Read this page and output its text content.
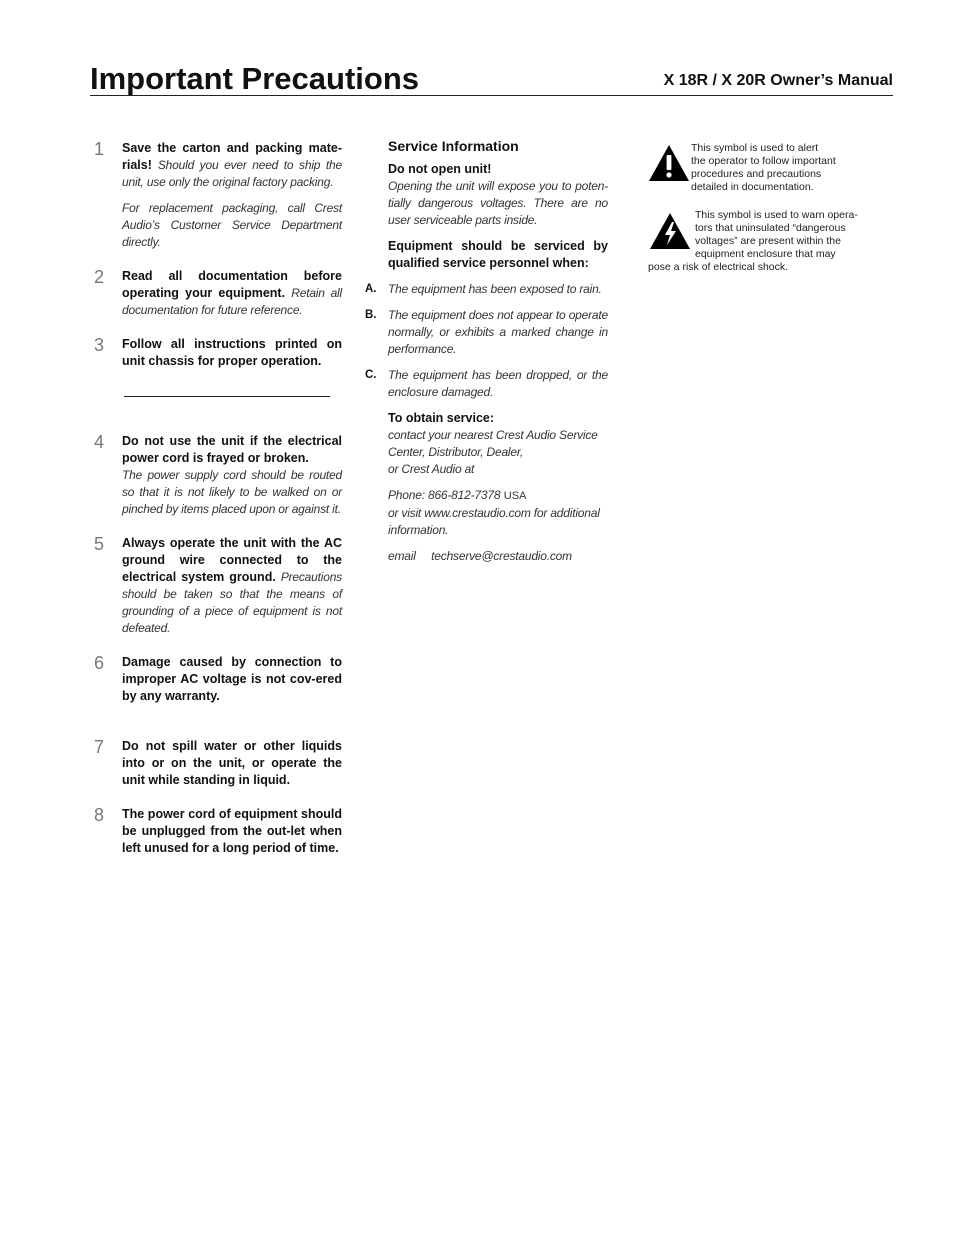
Important Precautions	X 18R / X 20R Owner’s Manual
1 Save the carton and packing mate-rials! Should you ever need to ship the unit, use only the original factory packing.
For replacement packaging, call Crest Audio’s Customer Service Department directly.
2 Read all documentation before operating your equipment. Retain all documentation for future reference.
3 Follow all instructions printed on unit chassis for proper operation.
4 Do not use the unit if the electrical power cord is frayed or broken.
The power supply cord should be routed so that it is not likely to be walked on or pinched by items placed upon or against it.
5 Always operate the unit with the AC ground wire connected to the electrical system ground. Precautions should be taken so that the means of grounding of a piece of equipment is not defeated.
6 Damage caused by connection to improper AC voltage is not cov-ered by any warranty.
7 Do not spill water or other liquids into or on the unit, or operate the unit while standing in liquid.
8 The power cord of equipment should be unplugged from the out-let when left unused for a long period of time.
Service Information
Do not open unit!
Opening the unit will expose you to poten-tially dangerous voltages. There are no user serviceable parts inside.
Equipment should be serviced by qualified service personnel when:
A. The equipment has been exposed to rain.
B. The equipment does not appear to operate normally, or exhibits a marked change in performance.
C. The equipment has been dropped, or the enclosure damaged.
To obtain service:
contact your nearest Crest Audio Service
Center, Distributor, Dealer,
or Crest Audio at
Phone: 866-812-7378 USA
or visit www.crestaudio.com for additional information.
email techserve@crestaudio.com
This symbol is used to alert
the operator to follow important
procedures and precautions
detailed in documentation.
This symbol is used to warn opera-
tors that uninsulated “dangerous
voltages” are present within the
equipment enclosure that may
pose a risk of electrical shock.
